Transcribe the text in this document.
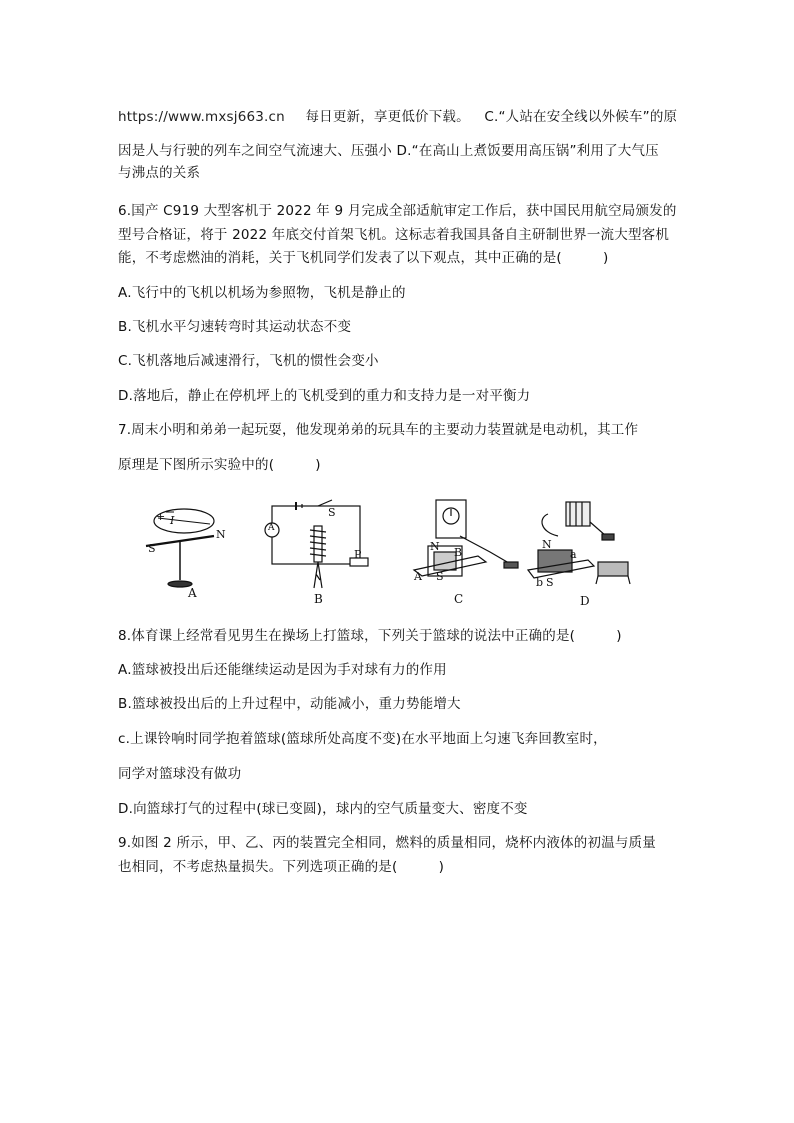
https://www.mxsj663.cn 每日更新，享更低价下载。 C.“人站在安全线以外候车”的原
因是人与行驶的列车之间空气流速大、压强小 D.“在高山上煮饭要用高压锅”利用了大气压
与沸点的关系
6.国产 C919 大型客机于 2022 年 9 月完成全部适航审定工作后，获中国民用航空局颁发的
型号合格证，将于 2022 年底交付首架飞机。这标志着我国具备自主研制世界一流大型客机
能，不考虑燃油的消耗，关于飞机同学们发表了以下观点，其中正确的是(　　　)
A.飞行中的飞机以机场为参照物，飞机是静止的
B.飞机水平匀速转弯时其运动状态不变
C.飞机落地后减速滑行，飞机的惯性会变小
D.落地后，静止在停机坪上的飞机受到的重力和支持力是一对平衡力
7.周末小明和弟弟一起玩耍，他发现弟弟的玩具车的主要动力装置就是电动机，其工作
原理是下图所示实验中的(　　　)
I
+
S
N	A
S
P
N
S
A
B
N
b S
a
A	B	C	D
8.体育课上经常看见男生在操场上打篮球，下列关于篮球的说法中正确的是(　　　)
A.篮球被投出后还能继续运动是因为手对球有力的作用
B.篮球被投出后的上升过程中，动能减小，重力势能增大
c.上课铃响时同学抱着篮球(篮球所处高度不变)在水平地面上匀速飞奔回教室时，
同学对篮球没有做功
D.向篮球打气的过程中(球已变圆)，球内的空气质量变大、密度不变
9.如图 2 所示，甲、乙、丙的装置完全相同，燃料的质量相同，烧杯内液体的初温与质量
也相同，不考虑热量损失。下列选项正确的是(　　　)
